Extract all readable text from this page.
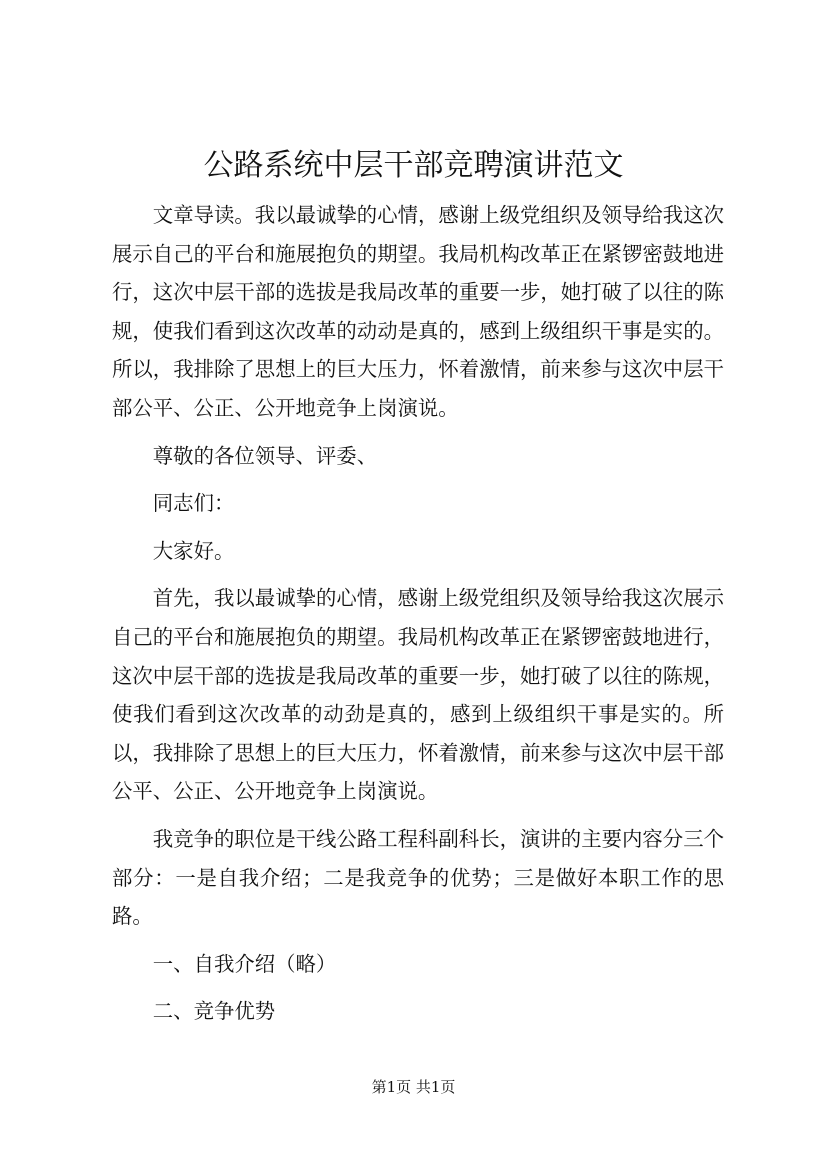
公路系统中层干部竞聘演讲范文

文章导读。我以最诚挚的心情，感谢上级党组织及领导给我这次展示自己的平台和施展抱负的期望。我局机构改革正在紧锣密鼓地进行，这次中层干部的选拔是我局改革的重要一步，她打破了以往的陈规，使我们看到这次改革的动动是真的，感到上级组织干事是实的。所以，我排除了思想上的巨大压力，怀着激情，前来参与这次中层干部公平、公正、公开地竞争上岗演说。

尊敬的各位领导、评委、

同志们：

大家好。

首先，我以最诚挚的心情，感谢上级党组织及领导给我这次展示自己的平台和施展抱负的期望。我局机构改革正在紧锣密鼓地进行，这次中层干部的选拔是我局改革的重要一步，她打破了以往的陈规，使我们看到这次改革的动劲是真的，感到上级组织干事是实的。所以，我排除了思想上的巨大压力，怀着激情，前来参与这次中层干部公平、公正、公开地竞争上岗演说。

我竞争的职位是干线公路工程科副科长，演讲的主要内容分三个部分：一是自我介绍；二是我竞争的优势；三是做好本职工作的思路。

一、自我介绍（略）

二、竞争优势

第1页 共1页
